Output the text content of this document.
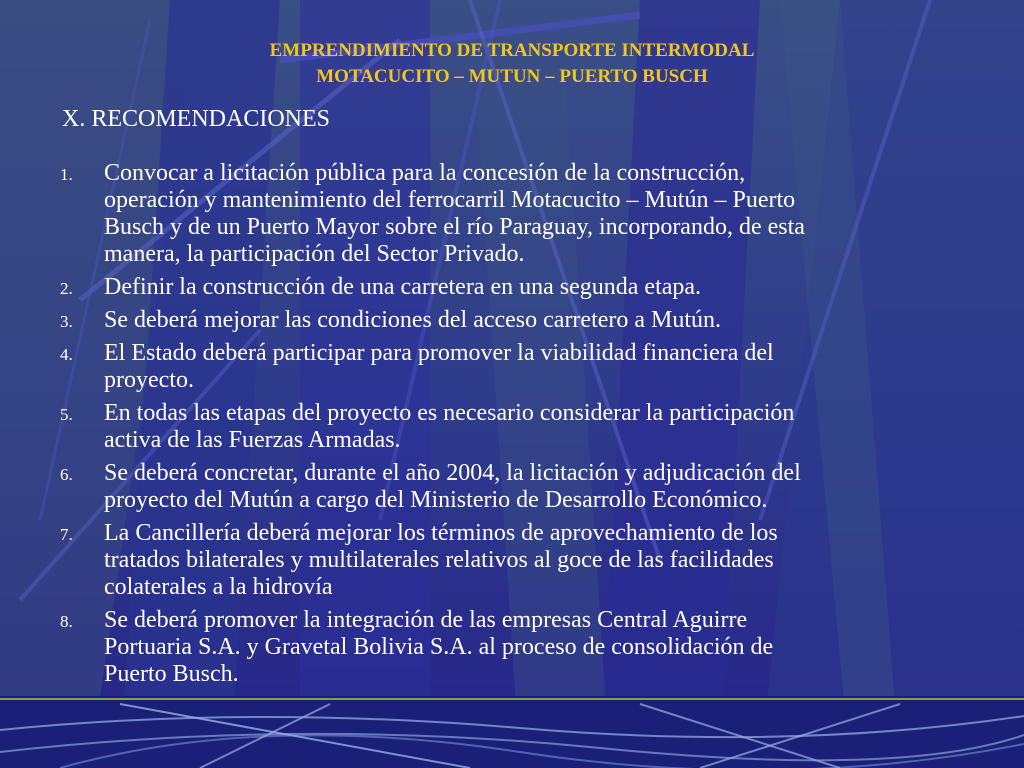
EMPRENDIMIENTO DE TRANSPORTE INTERMODAL
MOTACUCITO – MUTUN – PUERTO BUSCH
X. RECOMENDACIONES
1.	Convocar a licitación pública para la concesión de la construcción,
operación y mantenimiento del ferrocarril Motacucito – Mutún – Puerto
Busch y de un Puerto Mayor sobre el río Paraguay, incorporando, de esta
manera, la participación del Sector Privado.
2.	Definir la construcción de una carretera en una segunda etapa.
3.	Se deberá mejorar las condiciones del acceso carretero a Mutún.
4.	El Estado deberá participar para promover la viabilidad financiera del
proyecto.
5.	En todas las etapas del proyecto es necesario considerar la participación
activa de las Fuerzas Armadas.
6.	Se deberá concretar, durante el año 2004, la licitación y adjudicación del
proyecto del Mutún a cargo del Ministerio de Desarrollo Económico.
7.	La Cancillería deberá mejorar los términos de aprovechamiento de los
tratados bilaterales y multilaterales relativos al goce de las facilidades
colaterales a la hidrovía
8.	Se deberá promover la integración de las empresas Central Aguirre
Portuaria S.A. y Gravetal Bolivia S.A. al proceso de consolidación de
Puerto Busch.
